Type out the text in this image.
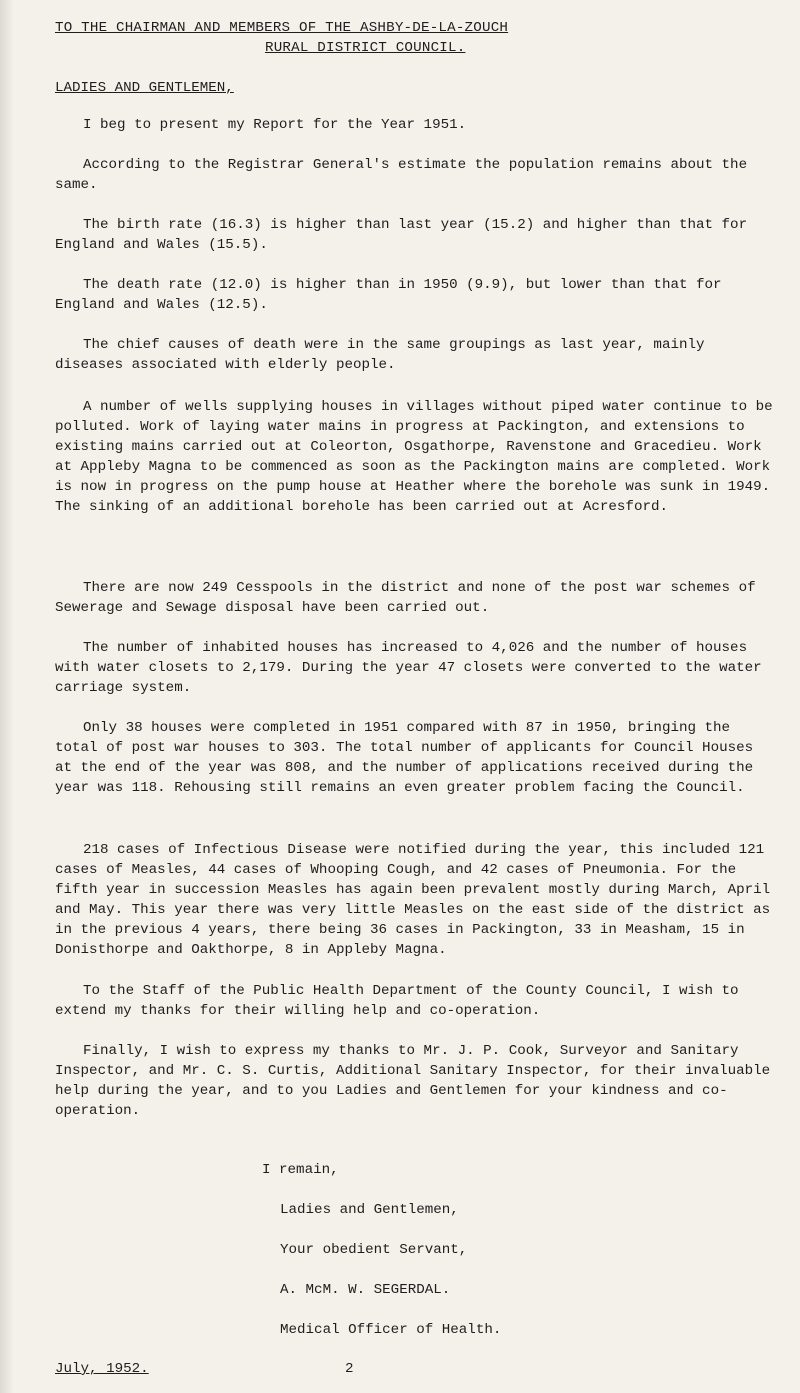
TO THE CHAIRMAN AND MEMBERS OF THE ASHBY-DE-LA-ZOUCH
RURAL DISTRICT COUNCIL.
LADIES AND GENTLEMEN,

I beg to present my Report for the Year 1951.

According to the Registrar General's estimate the population remains about the same.

The birth rate (16.3) is higher than last year (15.2) and higher than that for England and Wales (15.5).

The death rate (12.0) is higher than in 1950 (9.9), but lower than that for England and Wales (12.5).

The chief causes of death were in the same groupings as last year, mainly diseases associated with elderly people.

A number of wells supplying houses in villages without piped water continue to be polluted. Work of laying water mains in progress at Packington, and extensions to existing mains carried out at Coleorton, Osgathorpe, Ravenstone and Gracedieu. Work at Appleby Magna to be commenced as soon as the Packington mains are completed. Work is now in progress on the pump house at Heather where the borehole was sunk in 1949. The sinking of an additional borehole has been carried out at Acresford.

There are now 249 Cesspools in the district and none of the post war schemes of Sewerage and Sewage disposal have been carried out.

The number of inhabited houses has increased to 4,026 and the number of houses with water closets to 2,179. During the year 47 closets were converted to the water carriage system.

Only 38 houses were completed in 1951 compared with 87 in 1950, bringing the total of post war houses to 303. The total number of applicants for Council Houses at the end of the year was 808, and the number of applications received during the year was 118. Rehousing still remains an even greater problem facing the Council.

218 cases of Infectious Disease were notified during the year, this included 121 cases of Measles, 44 cases of Whooping Cough, and 42 cases of Pneumonia. For the fifth year in succession Measles has again been prevalent mostly during March, April and May. This year there was very little Measles on the east side of the district as in the previous 4 years, there being 36 cases in Packington, 33 in Measham, 15 in Donisthorpe and Oakthorpe, 8 in Appleby Magna.

To the Staff of the Public Health Department of the County Council, I wish to extend my thanks for their willing help and co-operation.

Finally, I wish to express my thanks to Mr. J. P. Cook, Surveyor and Sanitary Inspector, and Mr. C. S. Curtis, Additional Sanitary Inspector, for their invaluable help during the year, and to you Ladies and Gentlemen for your kindness and co-operation.

I remain,
Ladies and Gentlemen,
Your obedient Servant,
A. McM. W. SEGERDAL.
Medical Officer of Health.
July, 1952.	2
